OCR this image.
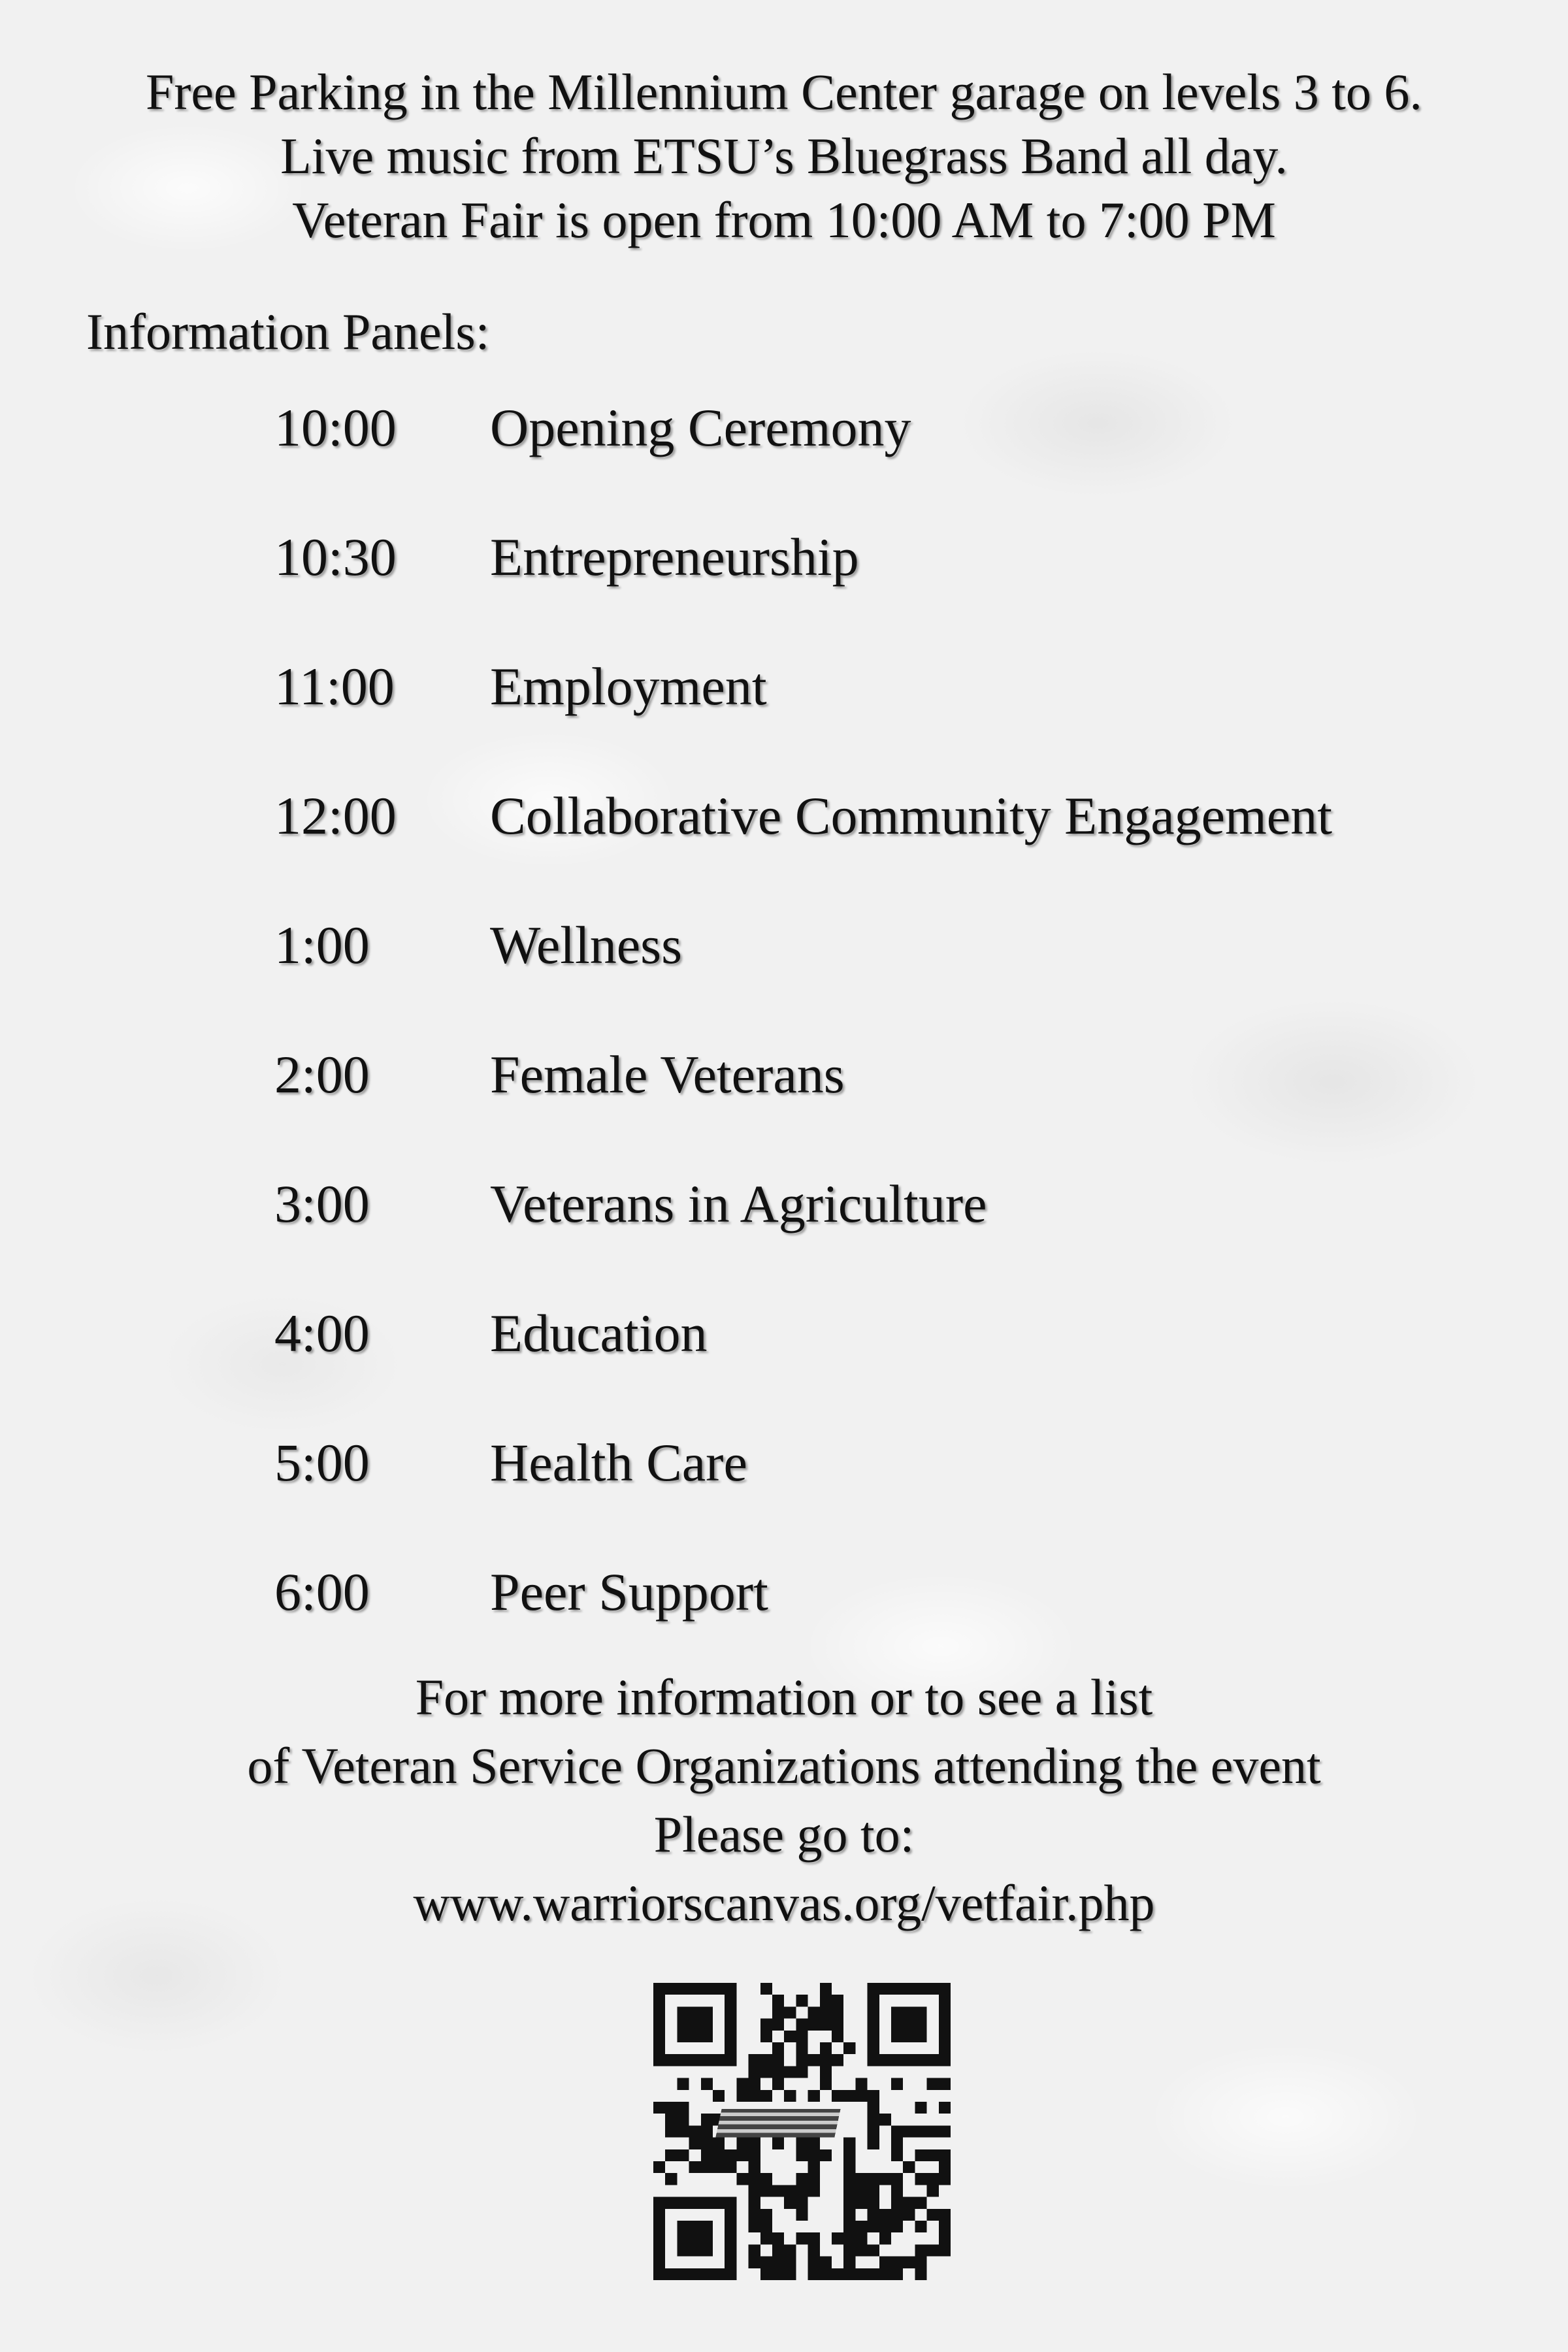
Free Parking in the Millennium Center garage on levels 3 to 6.
Live music from ETSU’s Bluegrass Band all day.
Veteran Fair is open from 10:00 AM to 7:00 PM
Information Panels:
10:00 Opening Ceremony
10:30 Entrepreneurship
11:00 Employment
12:00 Collaborative Community Engagement
1:00 Wellness
2:00 Female Veterans
3:00 Veterans in Agriculture
4:00 Education
5:00 Health Care
6:00 Peer Support
For more information or to see a list
of Veteran Service Organizations attending the event
Please go to:
www.warriorscanvas.org/vetfair.php
